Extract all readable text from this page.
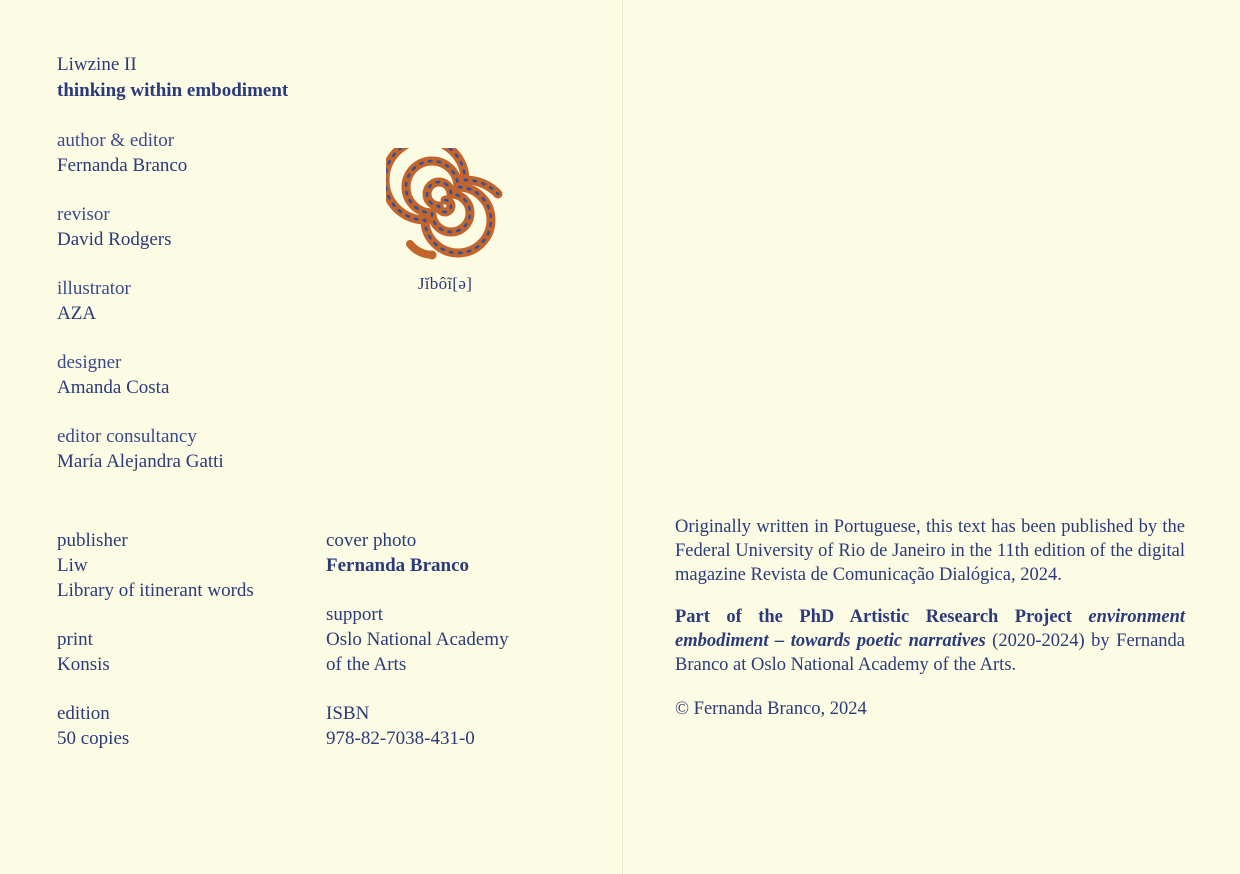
Liwzine II
thinking within embodiment
author & editor
Fernanda Branco
revisor
David Rodgers
illustrator
AZA
designer
Amanda Costa
editor consultancy
María Alejandra Gatti
publisher
Liw
Library of itinerant words
print
Konsis
edition
50 copies
cover photo
Fernanda Branco
support
Oslo National Academy
of the Arts
ISBN
978-82-7038-431-0
Jĭbôĩ[ə]

Originally written in Portuguese, this text has been published by the Federal University of Rio de Janeiro in the 11th edition of the digital magazine Revista de Comunicação Dialógica, 2024.

Part of the PhD Artistic Research Project environment embodiment – towards poetic narratives (2020-2024) by Fernanda Branco at Oslo National Academy of the Arts.

© Fernanda Branco, 2024
